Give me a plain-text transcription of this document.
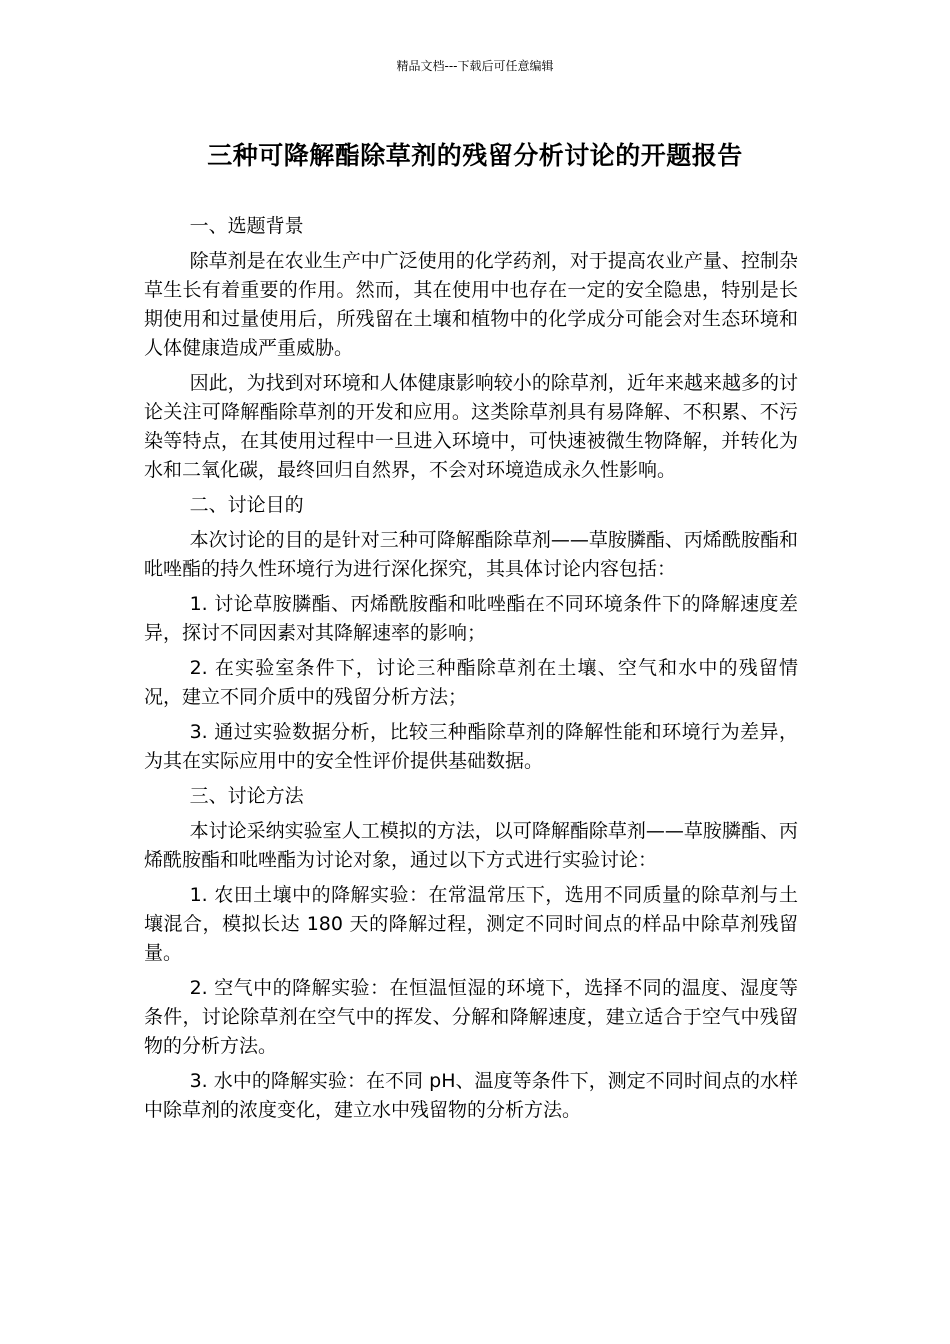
精品文档---下载后可任意编辑
三种可降解酯除草剂的残留分析讨论的开题报告

一、选题背景

除草剂是在农业生产中广泛使用的化学药剂，对于提高农业产量、控制杂草生长有着重要的作用。然而，其在使用中也存在一定的安全隐患，特别是长期使用和过量使用后，所残留在土壤和植物中的化学成分可能会对生态环境和人体健康造成严重威胁。

因此，为找到对环境和人体健康影响较小的除草剂，近年来越来越多的讨论关注可降解酯除草剂的开发和应用。这类除草剂具有易降解、不积累、不污染等特点，在其使用过程中一旦进入环境中，可快速被微生物降解，并转化为水和二氧化碳，最终回归自然界，不会对环境造成永久性影响。

二、讨论目的

本次讨论的目的是针对三种可降解酯除草剂——草胺膦酯、丙烯酰胺酯和吡唑酯的持久性环境行为进行深化探究，其具体讨论内容包括：

1. 讨论草胺膦酯、丙烯酰胺酯和吡唑酯在不同环境条件下的降解速度差异，探讨不同因素对其降解速率的影响；

2. 在实验室条件下，讨论三种酯除草剂在土壤、空气和水中的残留情况，建立不同介质中的残留分析方法；

3. 通过实验数据分析，比较三种酯除草剂的降解性能和环境行为差异，为其在实际应用中的安全性评价提供基础数据。

三、讨论方法

本讨论采纳实验室人工模拟的方法，以可降解酯除草剂——草胺膦酯、丙烯酰胺酯和吡唑酯为讨论对象，通过以下方式进行实验讨论：

1. 农田土壤中的降解实验：在常温常压下，选用不同质量的除草剂与土壤混合，模拟长达 180 天的降解过程，测定不同时间点的样品中除草剂残留量。

2. 空气中的降解实验：在恒温恒湿的环境下，选择不同的温度、湿度等条件，讨论除草剂在空气中的挥发、分解和降解速度，建立适合于空气中残留物的分析方法。

3. 水中的降解实验：在不同 pH、温度等条件下，测定不同时间点的水样中除草剂的浓度变化，建立水中残留物的分析方法。
